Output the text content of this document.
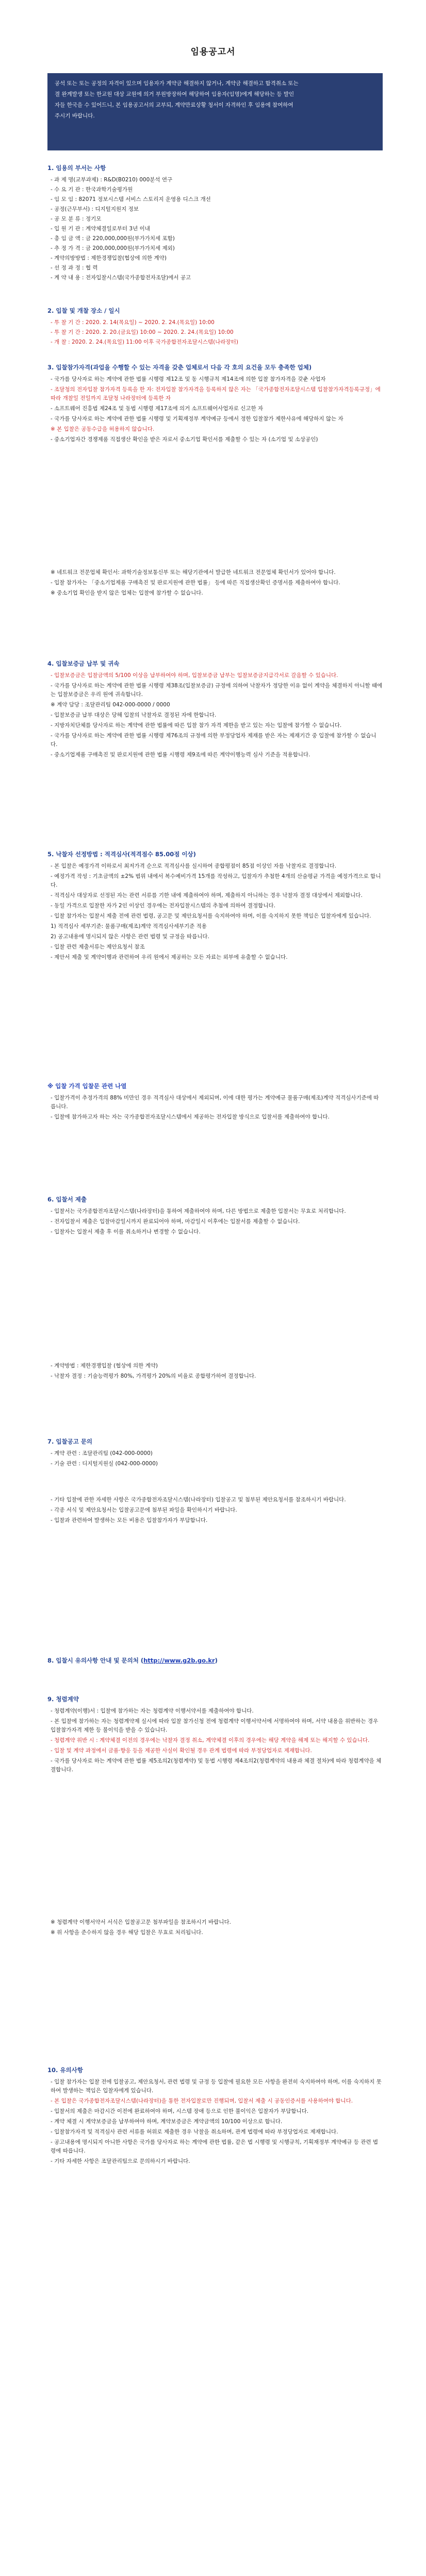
임용공고서
공석 또는 또는 공정의 자격이 있으며 임용자가 계약금 해결하지 않거나, 계약금 해결하고 합격취소 또는
결 완계발생 또는 한교원 대상 교원에 의거 부원방장하여 해당하여 임용자(임명)에게 해당하는 등 발인
자들 한국을 수 있어드니, 본 임용공고서의 교부되, 계약만료상황 청서이 자격하인 후 임용에 참여하여
주시기 바랍니다.
1. 임용의 부서는 사항
- 과 제 명(교부과제) : R&D(B0210) 000분석 연구
- 수 요 기 관 : 한국과학기술평가원
- 임 모 임 : 82071 정보시스템 서비스 스토리지 운영용 디스크 개선
- 공정(근무부서) : 디지털지원지 정보
- 공 모 분 류 : 정기모
- 입 원 기 관 : 계약체결일로부터 3년 이내
- 총 임 금 액 : 금 220,000,000원(부가가치세 포함)
- 추 정 가 격 : 금 200,000,000원(부가가치세 제외)
- 계약의방방법 : 제한경쟁입찰(협상에 의한 계약)
- 선 정 과 정 : 협 력
- 계 약 내 용 : 전자입찰시스템(국가종합전자조달)에서 공고
2. 입찰 및 개찰 장소 / 일시
- 투 찰 기 간 : 2020. 2. 14(목요일) ~ 2020. 2. 24.(목요일) 10:00
- 투 찰 기 간 : 2020. 2. 20.(금요일) 10:00 ~ 2020. 2. 24.(목요일) 10:00
- 개 찰 : 2020. 2. 24.(목요일) 11:00 이후 국가종합전자조달시스템(나라장터)
3. 입찰참가자격(과업을 수행할 수 있는 자격을 갖춘 업체로서 다음 각 호의 요건을 모두 충족한 업체)
- 국가를 당사자로 하는 계약에 관한 법률 시행령 제12조 및 동 시행규칙 제14조에 의한 입찰 참가자격을 갖춘 사업자
- 조달청의 전자입찰 참가자격 등록을 한 자: 전자입찰 참가자격을 등록하지 않은 자는 「국가종합전자조달시스템 입찰참가자격등록규정」에 따라 개찰일 전일까지 조달청 나라장터에 등록한 자
- 소프트웨어 진흥법 제24조 및 동법 시행령 제17조에 의거 소프트웨어사업자로 신고한 자
- 국가를 당사자로 하는 계약에 관한 법률 시행령 및 기획재정부 계약예규 등에서 정한 입찰참가 제한사유에 해당하지 않는 자
※ 본 입찰은 공동수급을 허용하지 않습니다.
- 중소기업자간 경쟁제품 직접생산 확인을 받은 자로서 중소기업 확인서를 제출할 수 있는 자 (소기업 및 소상공인)
※ 네트워크 전문업체 확인서: 과학기술정보통신부 또는 해당기관에서 발급한 네트워크 전문업체 확인서가 있어야 합니다.
- 입찰 참가자는 「중소기업제품 구매촉진 및 판로지원에 관한 법률」 등에 따른 직접생산확인 증명서를 제출하여야 합니다.
※ 중소기업 확인을 받지 않은 업체는 입찰에 참가할 수 없습니다.
4. 입찰보증금 납부 및 귀속
- 입찰보증금은 입찰금액의 5/100 이상을 납부하여야 하며, 입찰보증금 납부는 입찰보증금지급각서로 갈음할 수 있습니다.
- 국가를 당사자로 하는 계약에 관한 법률 시행령 제38조(입찰보증금) 규정에 의하여 낙찰자가 정당한 이유 없이 계약을 체결하지 아니할 때에는 입찰보증금은 우리 원에 귀속합니다.
※ 계약 담당 : 조달관리팀 042-000-0000 / 0000
- 입찰보증금 납부 대상은 당해 입찰의 낙찰자로 결정된 자에 한합니다.
- 지방자치단체를 당사자로 하는 계약에 관한 법률에 따른 입찰 참가 자격 제한을 받고 있는 자는 입찰에 참가할 수 없습니다.
- 국가를 당사자로 하는 계약에 관한 법률 시행령 제76조의 규정에 의한 부정당업자 제재를 받은 자는 제재기간 중 입찰에 참가할 수 없습니다.
- 중소기업제품 구매촉진 및 판로지원에 관한 법률 시행령 제9조에 따른 계약이행능력 심사 기준을 적용합니다.
5. 낙찰자 선정방법 : 적격심사(적격점수 85.00점 이상)
- 본 입찰은 예정가격 이하로서 최저가격 순으로 적격심사를 실시하여 종합평점이 85점 이상인 자를 낙찰자로 결정합니다.
- 예정가격 작성 : 기초금액의 ±2% 범위 내에서 복수예비가격 15개를 작성하고, 입찰자가 추첨한 4개의 산술평균 가격을 예정가격으로 합니다.
- 적격심사 대상자로 선정된 자는 관련 서류를 기한 내에 제출하여야 하며, 제출하지 아니하는 경우 낙찰자 결정 대상에서 제외합니다.
- 동일 가격으로 입찰한 자가 2인 이상인 경우에는 전자입찰시스템의 추첨에 의하여 결정합니다.
- 입찰 참가자는 입찰서 제출 전에 관련 법령, 공고문 및 제안요청서를 숙지하여야 하며, 이를 숙지하지 못한 책임은 입찰자에게 있습니다.
1) 적격심사 세부기준: 물품구매(제조)계약 적격심사세부기준 적용
2) 공고내용에 명시되지 않은 사항은 관련 법령 및 규정을 따릅니다.
- 입찰 관련 제출서류는 제안요청서 참조
- 제안서 제출 및 계약이행과 관련하여 우리 원에서 제공하는 모든 자료는 외부에 유출할 수 없습니다.
※ 입찰 가격 입찰문 관련 나열
- 입찰가격이 추정가격의 88% 미만인 경우 적격심사 대상에서 제외되며, 이에 대한 평가는 계약예규 물품구매(제조)계약 적격심사기준에 따릅니다.
- 입찰에 참가하고자 하는 자는 국가종합전자조달시스템에서 제공하는 전자입찰 방식으로 입찰서를 제출하여야 합니다.
6. 입찰서 제출
- 입찰서는 국가종합전자조달시스템(나라장터)을 통하여 제출하여야 하며, 다른 방법으로 제출한 입찰서는 무효로 처리합니다.
- 전자입찰서 제출은 입찰마감일시까지 완료되어야 하며, 마감일시 이후에는 입찰서를 제출할 수 없습니다.
- 입찰자는 입찰서 제출 후 이를 취소하거나 변경할 수 없습니다.
- 계약방법 : 제한경쟁입찰 (협상에 의한 계약)
- 낙찰자 결정 : 기술능력평가 80%, 가격평가 20%의 비율로 종합평가하여 결정합니다.
7. 입찰공고 문의
- 계약 관련 : 조달관리팀 (042-000-0000)
- 기술 관련 : 디지털지원실 (042-000-0000)
- 기타 입찰에 관한 자세한 사항은 국가종합전자조달시스템(나라장터) 입찰공고 및 첨부된 제안요청서를 참조하시기 바랍니다.
- 각종 서식 및 제안요청서는 입찰공고문에 첨부된 파일을 확인하시기 바랍니다.
- 입찰과 관련하여 발생하는 모든 비용은 입찰참가자가 부담합니다.
8. 입찰시 유의사항 안내 및 문의처 (http://www.g2b.go.kr)
9. 청렴계약
- 청렴계약(이행)서 : 입찰에 참가하는 자는 청렴계약 이행서약서를 제출하여야 합니다.
- 본 입찰에 참가하는 자는 청렴계약제 실시에 따라 입찰 참가신청 전에 청렴계약 이행서약서에 서명하여야 하며, 서약 내용을 위반하는 경우 입찰참가자격 제한 등 불이익을 받을 수 있습니다.
- 청렴계약 위반 시 : 계약체결 이전의 경우에는 낙찰자 결정 취소, 계약체결 이후의 경우에는 해당 계약을 해제 또는 해지할 수 있습니다.
- 입찰 및 계약 과정에서 금품·향응 등을 제공한 사실이 확인될 경우 관계 법령에 따라 부정당업자로 제재합니다.
- 국가를 당사자로 하는 계약에 관한 법률 제5조의2(청렴계약) 및 동법 시행령 제4조의2(청렴계약의 내용과 체결 절차)에 따라 청렴계약을 체결합니다.
※ 청렴계약 이행서약서 서식은 입찰공고문 첨부파일을 참조하시기 바랍니다.
※ 위 사항을 준수하지 않을 경우 해당 입찰은 무효로 처리됩니다.
10. 유의사항
- 입찰 참가자는 입찰 전에 입찰공고, 제안요청서, 관련 법령 및 규정 등 입찰에 필요한 모든 사항을 완전히 숙지하여야 하며, 이를 숙지하지 못하여 발생하는 책임은 입찰자에게 있습니다.
- 본 입찰은 국가종합전자조달시스템(나라장터)을 통한 전자입찰로만 진행되며, 입찰서 제출 시 공동인증서를 사용하여야 합니다.
- 입찰서의 제출은 마감시간 이전에 완료하여야 하며, 시스템 장애 등으로 인한 불이익은 입찰자가 부담합니다.
- 계약 체결 시 계약보증금을 납부하여야 하며, 계약보증금은 계약금액의 10/100 이상으로 합니다.
- 입찰참가자격 및 적격심사 관련 서류를 허위로 제출한 경우 낙찰을 취소하며, 관계 법령에 따라 부정당업자로 제재합니다.
- 공고내용에 명시되지 아니한 사항은 국가를 당사자로 하는 계약에 관한 법률, 같은 법 시행령 및 시행규칙, 기획재정부 계약예규 등 관련 법령에 따릅니다.
- 기타 자세한 사항은 조달관리팀으로 문의하시기 바랍니다.
